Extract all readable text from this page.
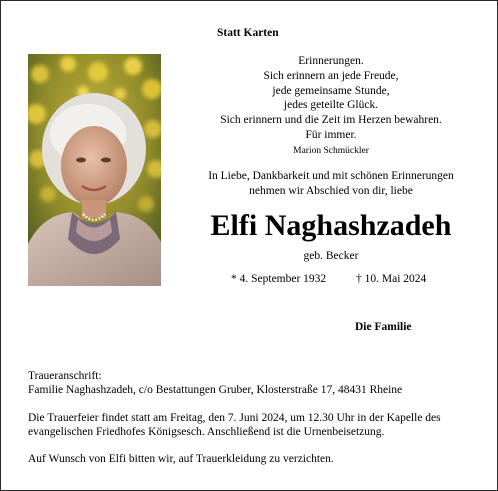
Statt Karten
Erinnerungen.
Sich erinnern an jede Freude,
jede gemeinsame Stunde,
jedes geteilte Glück.
Sich erinnern und die Zeit im Herzen bewahren.
Für immer.
Marion Schmückler
In Liebe, Dankbarkeit und mit schönen Erinnerungen
nehmen wir Abschied von dir, liebe
Elfi Naghashzadeh
geb. Becker
* 4. September 1932	† 10. Mai 2024
Die Familie
Traueranschrift:
Familie Naghashzadeh, c/o Bestattungen Gruber, Klosterstraße 17, 48431 Rheine
Die Trauerfeier findet statt am Freitag, den 7. Juni 2024, um 12.30 Uhr in der Kapelle des
evangelischen Friedhofes Königsesch. Anschließend ist die Urnenbeisetzung.
Auf Wunsch von Elfi bitten wir, auf Trauerkleidung zu verzichten.
